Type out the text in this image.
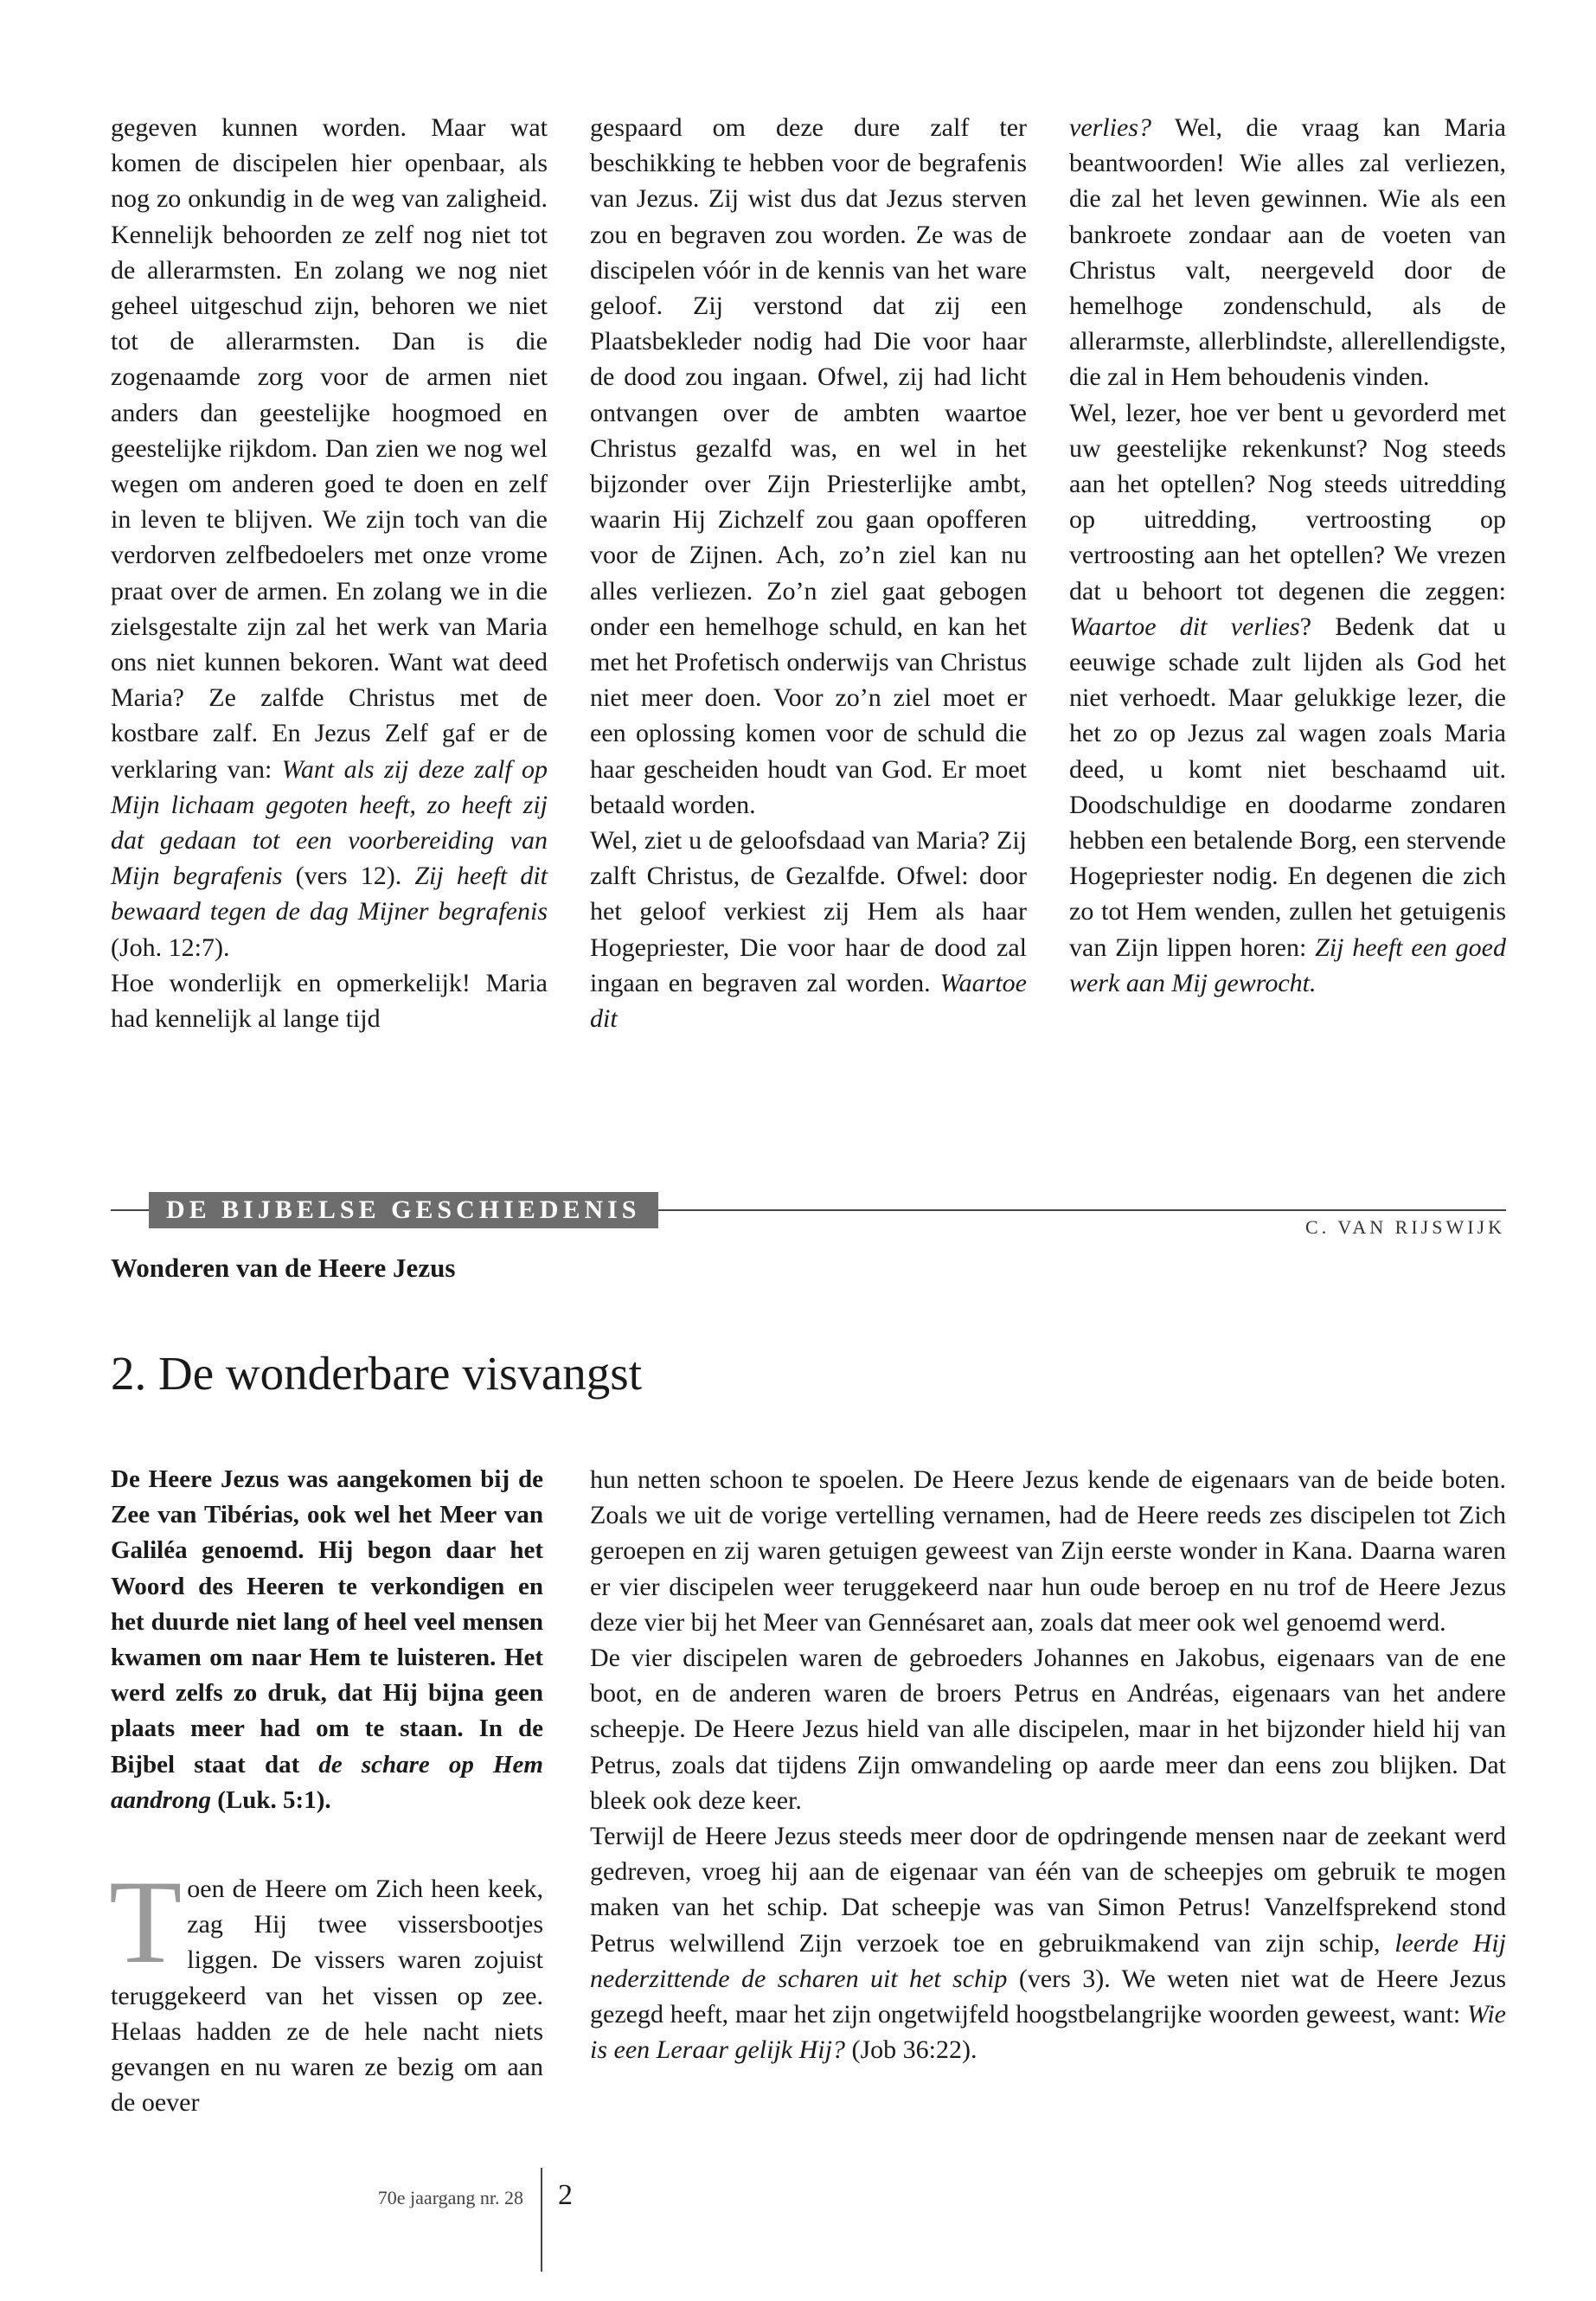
gegeven kunnen worden. Maar wat komen de discipelen hier openbaar, als nog zo onkundig in de weg van zaligheid. Kennelijk behoorden ze zelf nog niet tot de allerarmsten. En zolang we nog niet geheel uitgeschud zijn, behoren we niet tot de allerarmsten. Dan is die zogenaamde zorg voor de armen niet anders dan geestelijke hoogmoed en geestelijke rijkdom. Dan zien we nog wel wegen om anderen goed te doen en zelf in leven te blijven. We zijn toch van die verdorven zelfbedoelers met onze vrome praat over de armen. En zolang we in die zielsgestalte zijn zal het werk van Maria ons niet kunnen bekoren. Want wat deed Maria? Ze zalfde Christus met de kostbare zalf. En Jezus Zelf gaf er de verklaring van: Want als zij deze zalf op Mijn lichaam gegoten heeft, zo heeft zij dat gedaan tot een voorbereiding van Mijn begrafenis (vers 12). Zij heeft dit bewaard tegen de dag Mijner begrafenis (Joh. 12:7).

Hoe wonderlijk en opmerkelijk! Maria had kennelijk al lange tijd

gespaard om deze dure zalf ter beschikking te hebben voor de begrafenis van Jezus. Zij wist dus dat Jezus sterven zou en begraven zou worden. Ze was de discipelen vóór in de kennis van het ware geloof. Zij verstond dat zij een Plaatsbekleder nodig had Die voor haar de dood zou ingaan. Ofwel, zij had licht ontvangen over de ambten waartoe Christus gezalfd was, en wel in het bijzonder over Zijn Priesterlijke ambt, waarin Hij Zichzelf zou gaan opofferen voor de Zijnen. Ach, zo’n ziel kan nu alles verliezen. Zo’n ziel gaat gebogen onder een hemelhoge schuld, en kan het met het Profetisch onderwijs van Christus niet meer doen. Voor zo’n ziel moet er een oplossing komen voor de schuld die haar gescheiden houdt van God. Er moet betaald worden.

Wel, ziet u de geloofsdaad van Maria? Zij zalft Christus, de Gezalfde. Ofwel: door het geloof verkiest zij Hem als haar Hogepriester, Die voor haar de dood zal ingaan en begraven zal worden. Waartoe dit

verlies? Wel, die vraag kan Maria beantwoorden! Wie alles zal verliezen, die zal het leven gewinnen. Wie als een bankroete zondaar aan de voeten van Christus valt, neergeveld door de hemelhoge zondenschuld, als de allerarmste, allerblindste, allerellendigste, die zal in Hem behoudenis vinden.

Wel, lezer, hoe ver bent u gevorderd met uw geestelijke rekenkunst? Nog steeds aan het optellen? Nog steeds uitredding op uitredding, vertroosting op vertroosting aan het optellen? We vrezen dat u behoort tot degenen die zeggen: Waartoe dit verlies? Bedenk dat u eeuwige schade zult lijden als God het niet verhoedt. Maar gelukkige lezer, die het zo op Jezus zal wagen zoals Maria deed, u komt niet beschaamd uit. Doodschuldige en doodarme zondaren hebben een betalende Borg, een stervende Hogepriester nodig. En degenen die zich zo tot Hem wenden, zullen het getuigenis van Zijn lippen horen: Zij heeft een goed werk aan Mij gewrocht.

DE BIJBELSE GESCHIEDENIS
C. VAN RIJSWIJK
Wonderen van de Heere Jezus
2. De wonderbare visvangst

De Heere Jezus was aangekomen bij de Zee van Tibérias, ook wel het Meer van Galiléa genoemd. Hij begon daar het Woord des Heeren te verkondigen en het duurde niet lang of heel veel mensen kwamen om naar Hem te luisteren. Het werd zelfs zo druk, dat Hij bijna geen plaats meer had om te staan. In de Bijbel staat dat de schare op Hem aandrong (Luk. 5:1).

T oen de Heere om Zich heen keek, zag Hij twee vissersbootjes liggen. De vissers waren zojuist teruggekeerd van het vissen op zee. Helaas hadden ze de hele nacht niets gevangen en nu waren ze bezig om aan de oever

hun netten schoon te spoelen. De Heere Jezus kende de eigenaars van de beide boten. Zoals we uit de vorige vertelling vernamen, had de Heere reeds zes discipelen tot Zich geroepen en zij waren getuigen geweest van Zijn eerste wonder in Kana. Daarna waren er vier discipelen weer teruggekeerd naar hun oude beroep en nu trof de Heere Jezus deze vier bij het Meer van Gennésaret aan, zoals dat meer ook wel genoemd werd.

De vier discipelen waren de gebroeders Johannes en Jakobus, eigenaars van de ene boot, en de anderen waren de broers Petrus en Andréas, eigenaars van het andere scheepje. De Heere Jezus hield van alle discipelen, maar in het bijzonder hield hij van Petrus, zoals dat tijdens Zijn omwandeling op aarde meer dan eens zou blijken. Dat bleek ook deze keer.

Terwijl de Heere Jezus steeds meer door de opdringende mensen naar de zeekant werd gedreven, vroeg hij aan de eigenaar van één van de scheepjes om gebruik te mogen maken van het schip. Dat scheepje was van Simon Petrus! Vanzelfsprekend stond Petrus welwillend Zijn verzoek toe en gebruikmakend van zijn schip, leerde Hij nederzittende de scharen uit het schip (vers 3). We weten niet wat de Heere Jezus gezegd heeft, maar het zijn ongetwijfeld hoogstbelangrijke woorden geweest, want: Wie is een Leraar gelijk Hij? (Job 36:22).

70e jaargang nr. 28 2
